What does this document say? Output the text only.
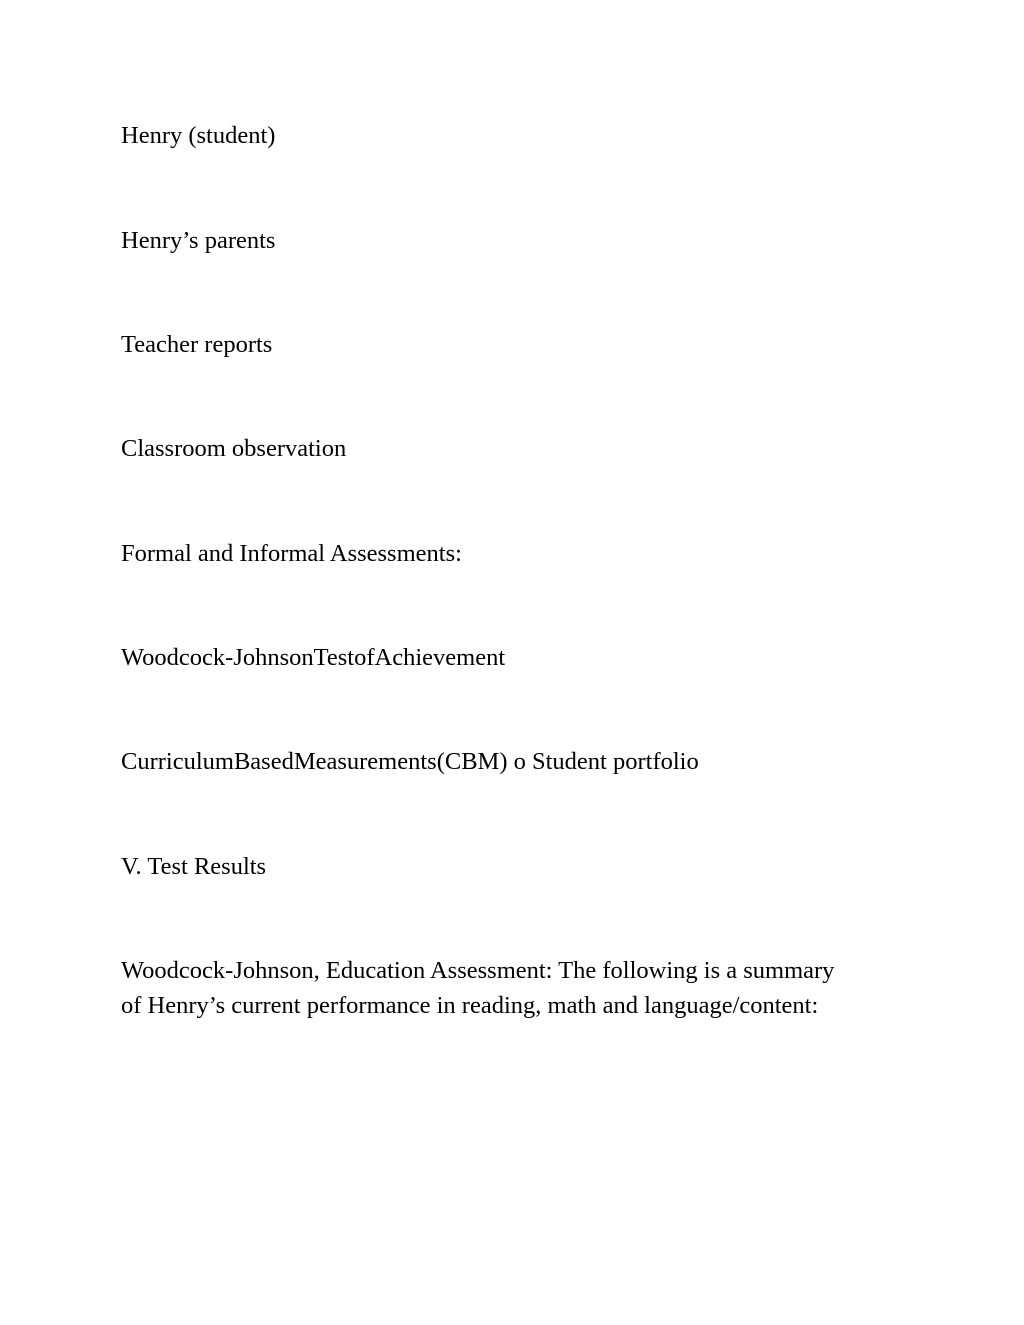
Henry (student)

Henry’s parents

Teacher reports

Classroom observation

Formal and Informal Assessments:

Woodcock-JohnsonTestofAchievement

CurriculumBasedMeasurements(CBM) o Student portfolio

V. Test Results

Woodcock-Johnson, Education Assessment: The following is a summary of Henry’s current performance in reading, math and language/content:
